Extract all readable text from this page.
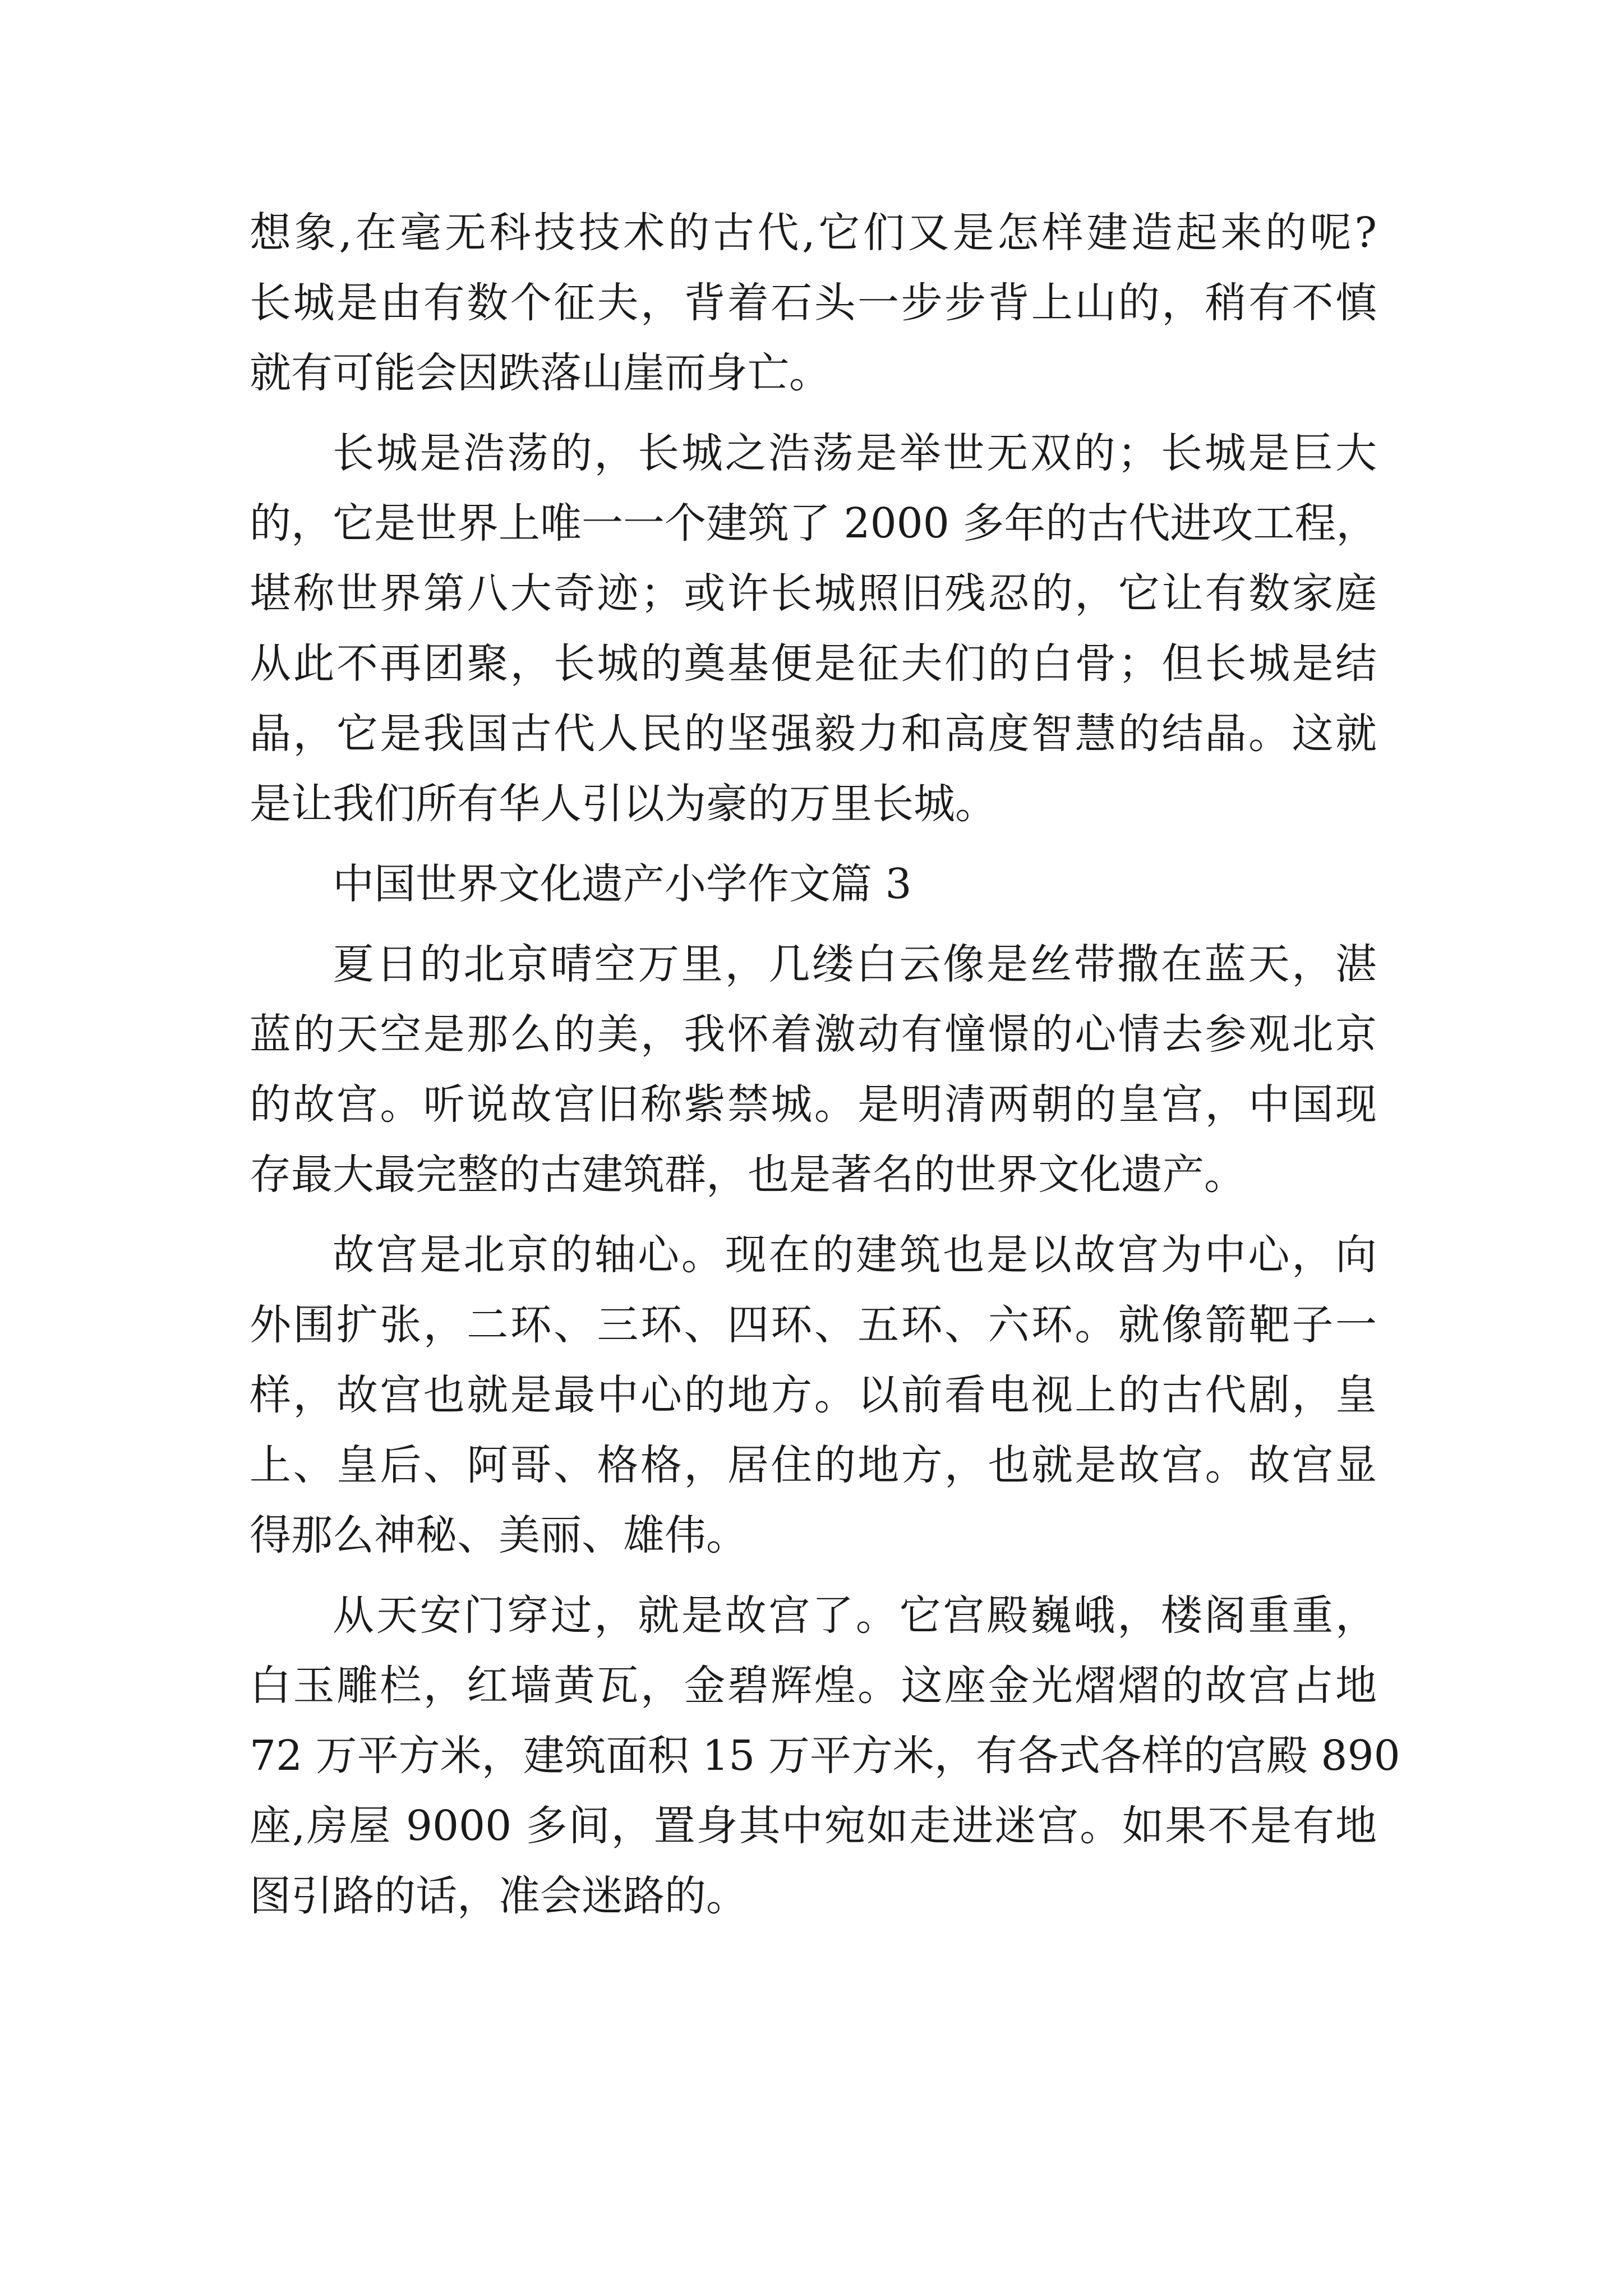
想象,在毫无科技技术的古代,它们又是怎样建造起来的呢?
长城是由有数个征夫，背着石头一步步背上山的，稍有不慎
就有可能会因跌落山崖而身亡。
长城是浩荡的，长城之浩荡是举世无双的；长城是巨大
的，它是世界上唯一一个建筑了 2000 多年的古代进攻工程，
堪称世界第八大奇迹；或许长城照旧残忍的，它让有数家庭
从此不再团聚，长城的奠基便是征夫们的白骨；但长城是结
晶，它是我国古代人民的坚强毅力和高度智慧的结晶。这就
是让我们所有华人引以为豪的万里长城。
中国世界文化遗产小学作文篇 3
夏日的北京晴空万里，几缕白云像是丝带撒在蓝天，湛
蓝的天空是那么的美，我怀着激动有憧憬的心情去参观北京
的故宫。听说故宫旧称紫禁城。是明清两朝的皇宫，中国现
存最大最完整的古建筑群，也是著名的世界文化遗产。
故宫是北京的轴心。现在的建筑也是以故宫为中心，向
外围扩张，二环、三环、四环、五环、六环。就像箭靶子一
样，故宫也就是最中心的地方。以前看电视上的古代剧，皇
上、皇后、阿哥、格格，居住的地方，也就是故宫。故宫显
得那么神秘、美丽、雄伟。
从天安门穿过，就是故宫了。它宫殿巍峨，楼阁重重，
白玉雕栏，红墙黄瓦，金碧辉煌。这座金光熠熠的故宫占地
72 万平方米，建筑面积 15 万平方米，有各式各样的宫殿 890
座,房屋 9000 多间，置身其中宛如走进迷宫。如果不是有地
图引路的话，准会迷路的。
